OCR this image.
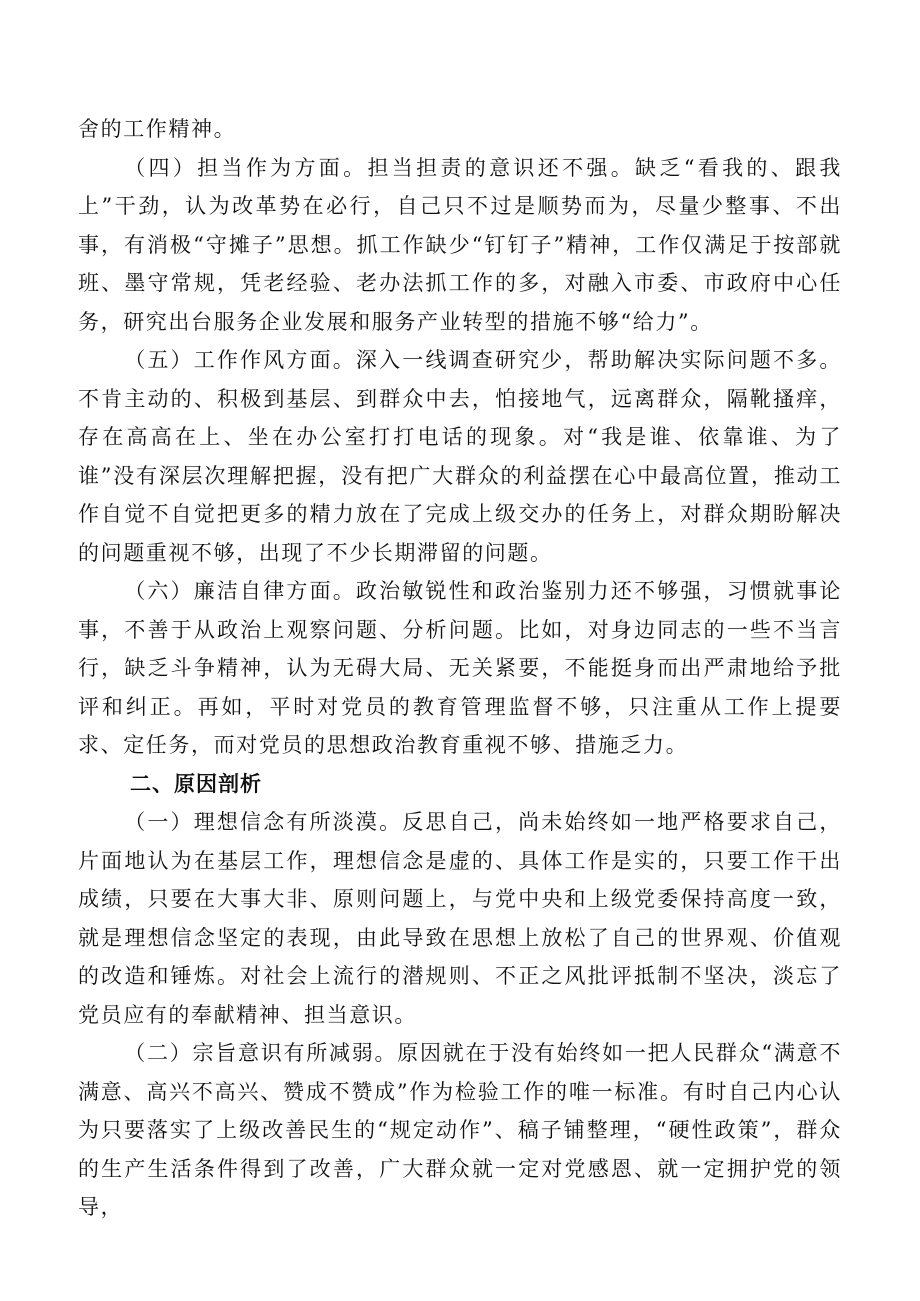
舍的工作精神。

（四）担当作为方面。担当担责的意识还不强。缺乏“看我的、跟我上”干劲，认为改革势在必行，自己只不过是顺势而为，尽量少整事、不出事，有消极“守摊子”思想。抓工作缺少“钉钉子”精神，工作仅满足于按部就班、墨守常规，凭老经验、老办法抓工作的多，对融入市委、市政府中心任务，研究出台服务企业发展和服务产业转型的措施不够“给力”。

（五）工作作风方面。深入一线调查研究少，帮助解决实际问题不多。不肯主动的、积极到基层、到群众中去，怕接地气，远离群众，隔靴搔痒，存在高高在上、坐在办公室打打电话的现象。对“我是谁、依靠谁、为了谁”没有深层次理解把握，没有把广大群众的利益摆在心中最高位置，推动工作自觉不自觉把更多的精力放在了完成上级交办的任务上，对群众期盼解决的问题重视不够，出现了不少长期滞留的问题。

（六）廉洁自律方面。政治敏锐性和政治鉴别力还不够强，习惯就事论事，不善于从政治上观察问题、分析问题。比如，对身边同志的一些不当言行，缺乏斗争精神，认为无碍大局、无关紧要，不能挺身而出严肃地给予批评和纠正。再如，平时对党员的教育管理监督不够，只注重从工作上提要求、定任务，而对党员的思想政治教育重视不够、措施乏力。

二、原因剖析

（一）理想信念有所淡漠。反思自己，尚未始终如一地严格要求自己，片面地认为在基层工作，理想信念是虚的、具体工作是实的，只要工作干出成绩，只要在大事大非、原则问题上，与党中央和上级党委保持高度一致，就是理想信念坚定的表现，由此导致在思想上放松了自己的世界观、价值观的改造和锤炼。对社会上流行的潜规则、不正之风批评抵制不坚决，淡忘了党员应有的奉献精神、担当意识。

（二）宗旨意识有所减弱。原因就在于没有始终如一把人民群众“满意不满意、高兴不高兴、赞成不赞成”作为检验工作的唯一标准。有时自己内心认为只要落实了上级改善民生的“规定动作”、稿子铺整理，“硬性政策”，群众的生产生活条件得到了改善，广大群众就一定对党感恩、就一定拥护党的领导，
